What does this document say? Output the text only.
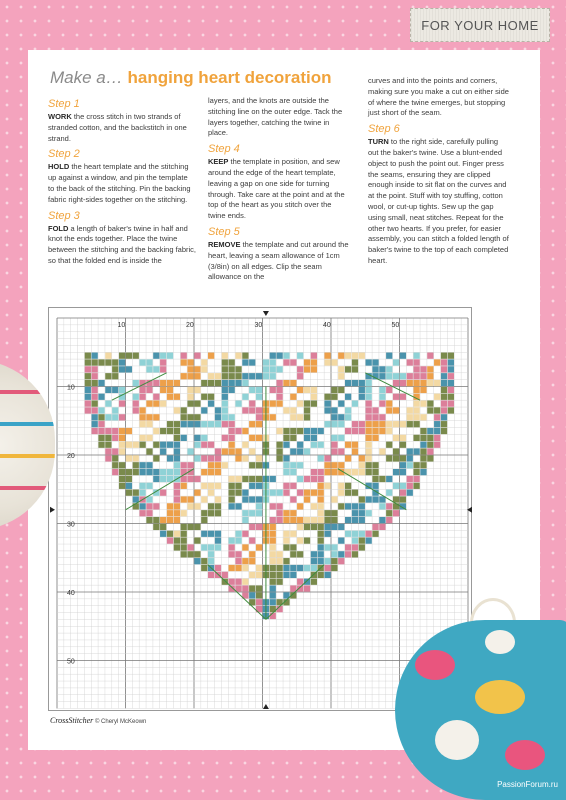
FOR YOUR HOME
Make a… hanging heart decoration
Step 1
WORK the cross stitch in two strands of stranded cotton, and the backstitch in one strand.
Step 2
HOLD the heart template and the stitching up against a window, and pin the template to the back of the stitching. Pin the backing fabric right-sides together on the stitching.
Step 3
FOLD a length of baker's twine in half and knot the ends together. Place the twine between the stitching and the backing fabric, so that the folded end is inside the
layers, and the knots are outside the stitching line on the outer edge. Tack the layers together, catching the twine in place.
Step 4
KEEP the template in position, and sew around the edge of the heart template, leaving a gap on one side for turning through. Take care at the point and at the top of the heart as you stitch over the twine ends.
Step 5
REMOVE the template and cut around the heart, leaving a seam allowance of 1cm (3/8in) on all edges. Clip the seam allowance on the
curves and into the points and corners, making sure you make a cut on either side of where the twine emerges, but stopping just short of the seam.
Step 6
TURN to the right side, carefully pulling out the baker's twine. Use a blunt-ended object to push the point out. Finger press the seams, ensuring they are clipped enough inside to sit flat on the curves and at the point. Stuff with toy stuffing, cotton wool, or cut-up tights. Sew up the gap using small, neat stitches. Repeat for the other two hearts. If you prefer, for easier assembly, you can stitch a folded length of baker's twine to the top of each completed heart.
10	20	30	40	50
10
20
30
40
50
CrossStitcher © Cheryl McKeown
PassionForum.ru
